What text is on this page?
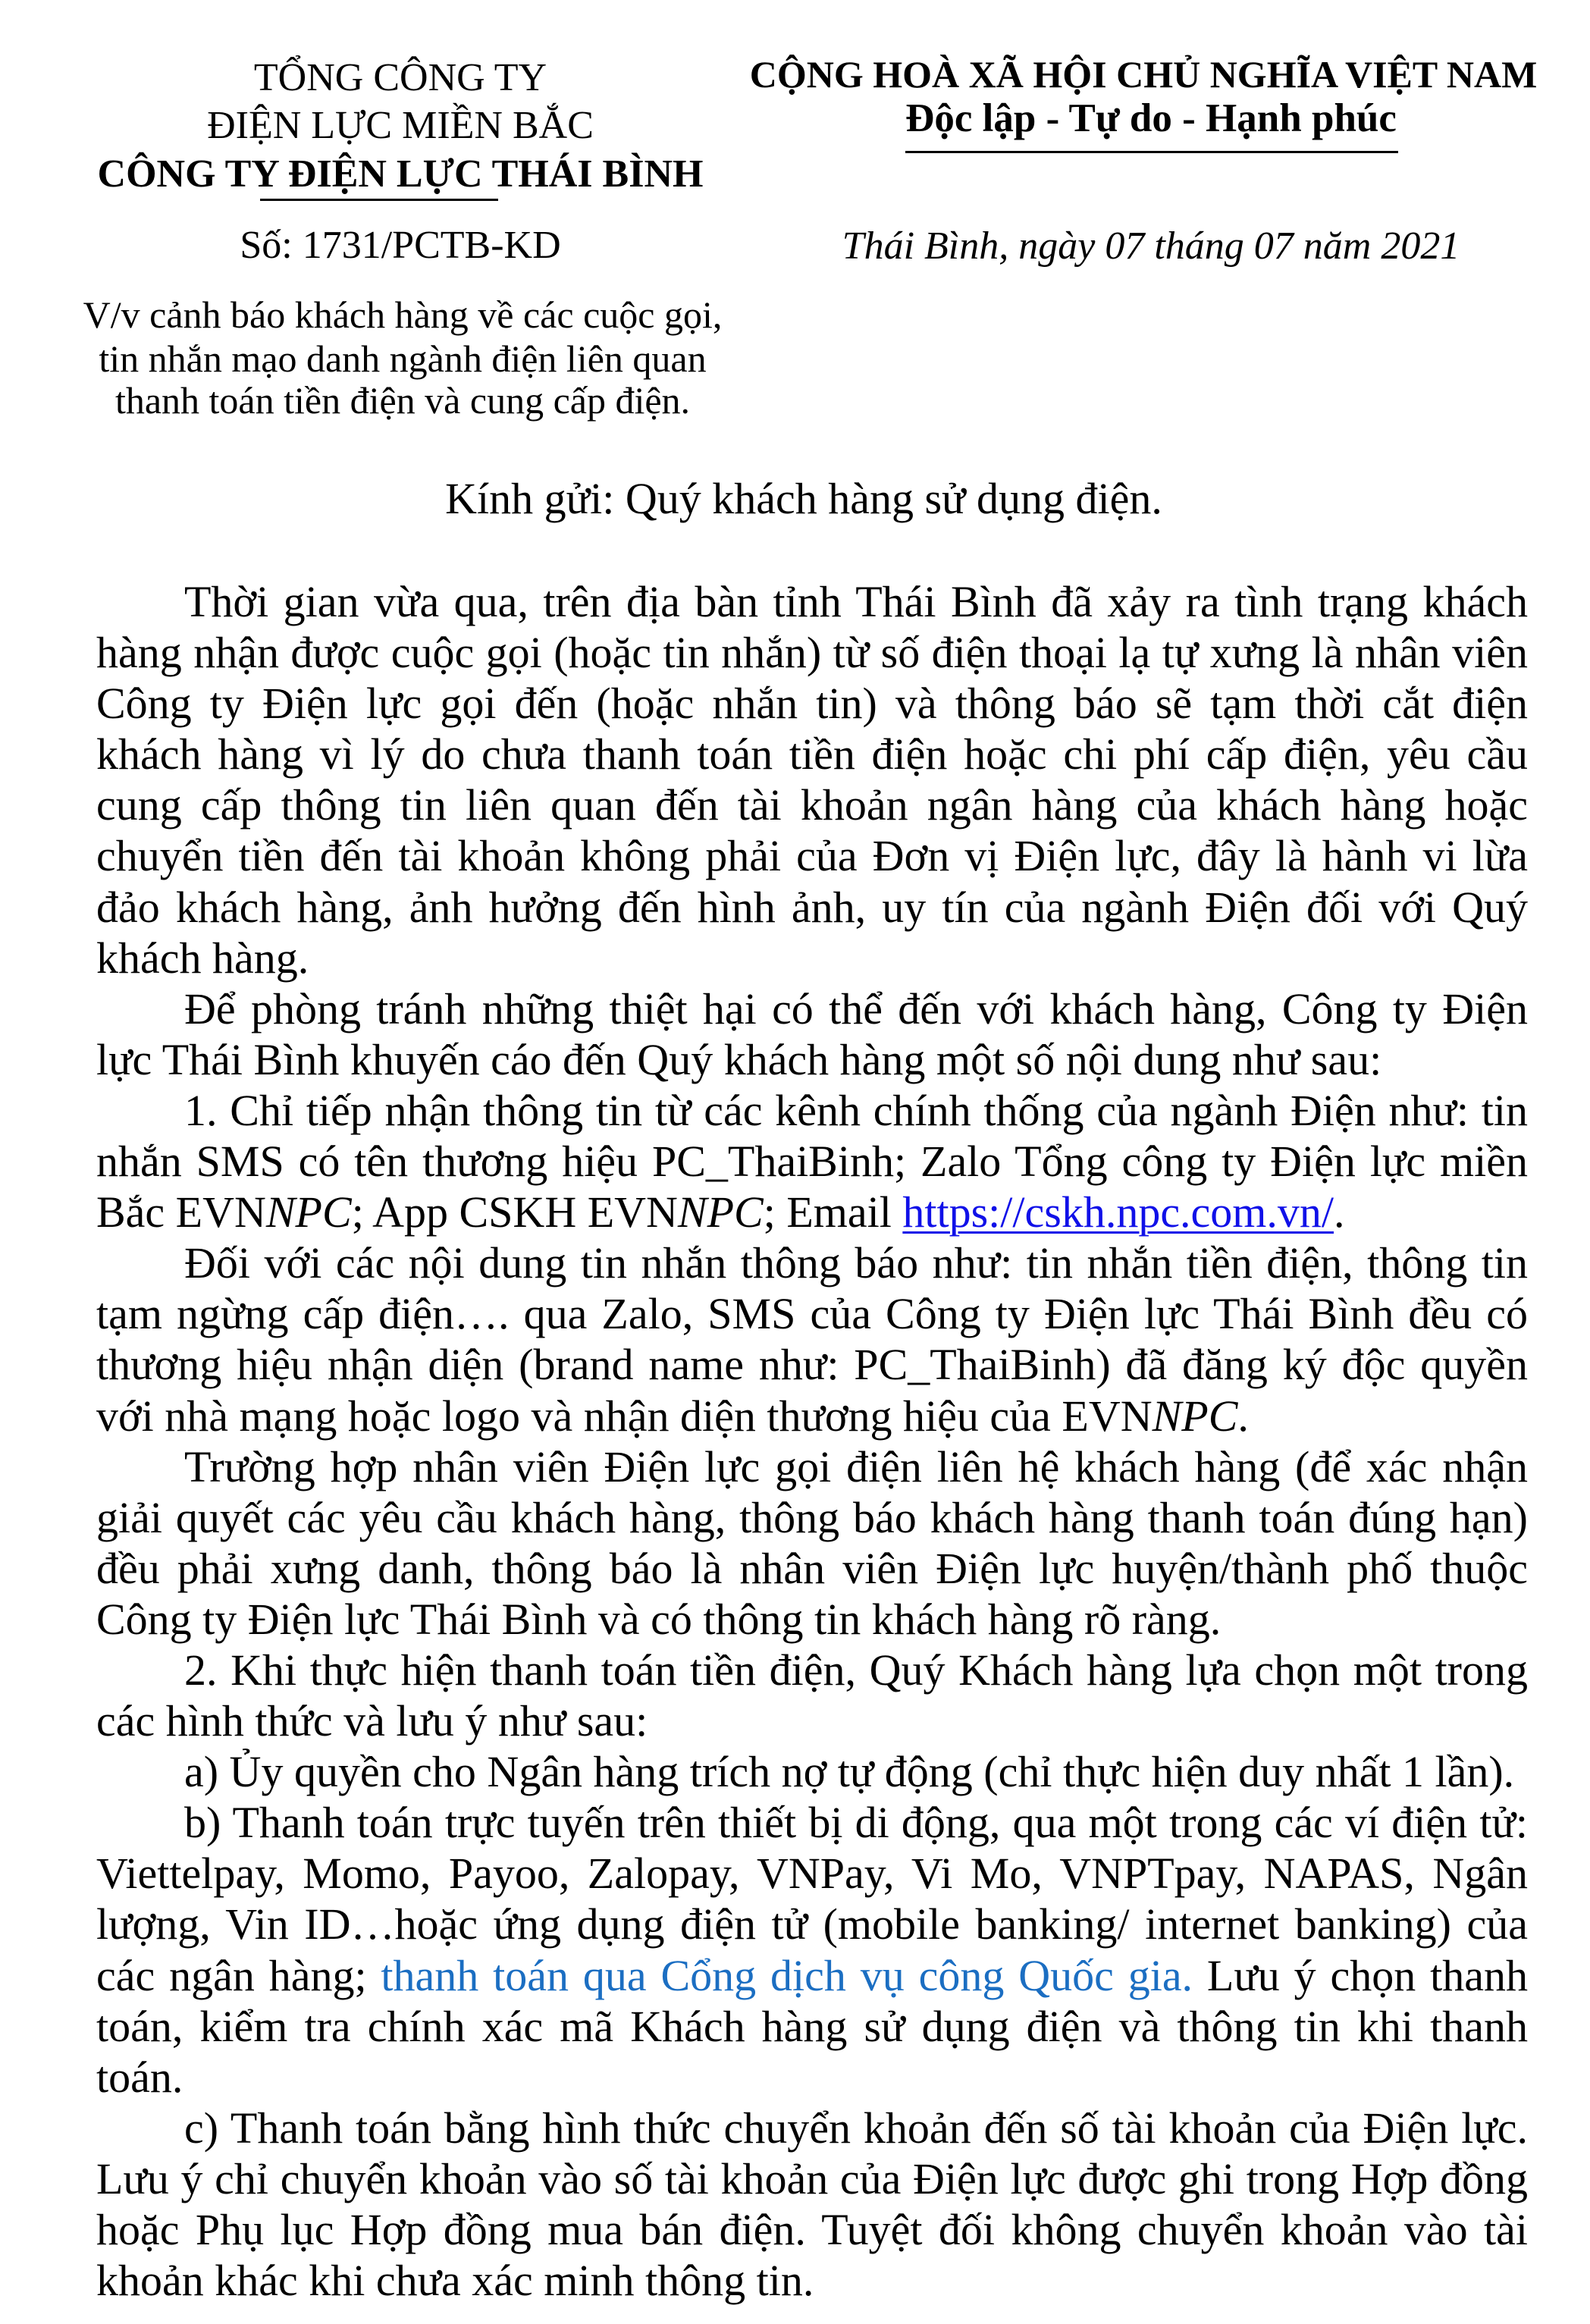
TỔNG CÔNG TY
ĐIỆN LỰC MIỀN BẮC
CÔNG TY ĐIỆN LỰC THÁI BÌNH
Số: 1731/PCTB-KD
V/v cảnh báo khách hàng về các cuộc gọi,
tin nhắn mạo danh ngành điện liên quan
thanh toán tiền điện và cung cấp điện.
CỘNG HOÀ XÃ HỘI CHỦ NGHĨA VIỆT NAM
Độc lập - Tự do - Hạnh phúc
Thái Bình, ngày 07 tháng 07 năm 2021
Kính gửi: Quý khách hàng sử dụng điện.
Thời gian vừa qua, trên địa bàn tỉnh Thái Bình đã xảy ra tình trạng khách
hàng nhận được cuộc gọi (hoặc tin nhắn) từ số điện thoại lạ tự xưng là nhân viên
Công ty Điện lực gọi đến (hoặc nhắn tin) và thông báo sẽ tạm thời cắt điện
khách hàng vì lý do chưa thanh toán tiền điện hoặc chi phí cấp điện, yêu cầu
cung cấp thông tin liên quan đến tài khoản ngân hàng của khách hàng hoặc
chuyển tiền đến tài khoản không phải của Đơn vị Điện lực, đây là hành vi lừa
đảo khách hàng, ảnh hưởng đến hình ảnh, uy tín của ngành Điện đối với Quý
khách hàng.
Để phòng tránh những thiệt hại có thể đến với khách hàng, Công ty Điện
lực Thái Bình khuyến cáo đến Quý khách hàng một số nội dung như sau:
1. Chỉ tiếp nhận thông tin từ các kênh chính thống của ngành Điện như: tin
nhắn SMS có tên thương hiệu PC_ThaiBinh; Zalo Tổng công ty Điện lực miền
Bắc EVNNPC; App CSKH EVNNPC; Email https://cskh.npc.com.vn/.
Đối với các nội dung tin nhắn thông báo như: tin nhắn tiền điện, thông tin
tạm ngừng cấp điện…. qua Zalo, SMS của Công ty Điện lực Thái Bình đều có
thương hiệu nhận diện (brand name như: PC_ThaiBinh) đã đăng ký độc quyền
với nhà mạng hoặc logo và nhận diện thương hiệu của EVNNPC.
Trường hợp nhân viên Điện lực gọi điện liên hệ khách hàng (để xác nhận
giải quyết các yêu cầu khách hàng, thông báo khách hàng thanh toán đúng hạn)
đều phải xưng danh, thông báo là nhân viên Điện lực huyện/thành phố thuộc
Công ty Điện lực Thái Bình và có thông tin khách hàng rõ ràng.
2. Khi thực hiện thanh toán tiền điện, Quý Khách hàng lựa chọn một trong
các hình thức và lưu ý như sau:
a) Ủy quyền cho Ngân hàng trích nợ tự động (chỉ thực hiện duy nhất 1 lần).
b) Thanh toán trực tuyến trên thiết bị di động, qua một trong các ví điện tử:
Viettelpay, Momo, Payoo, Zalopay, VNPay, Vi Mo, VNPTpay, NAPAS, Ngân
lượng, Vin ID…hoặc ứng dụng điện tử (mobile banking/ internet banking) của
các ngân hàng; thanh toán qua Cổng dịch vụ công Quốc gia. Lưu ý chọn thanh
toán, kiểm tra chính xác mã Khách hàng sử dụng điện và thông tin khi thanh
toán.
c) Thanh toán bằng hình thức chuyển khoản đến số tài khoản của Điện lực.
Lưu ý chỉ chuyển khoản vào số tài khoản của Điện lực được ghi trong Hợp đồng
hoặc Phụ lục Hợp đồng mua bán điện. Tuyệt đối không chuyển khoản vào tài
khoản khác khi chưa xác minh thông tin.
